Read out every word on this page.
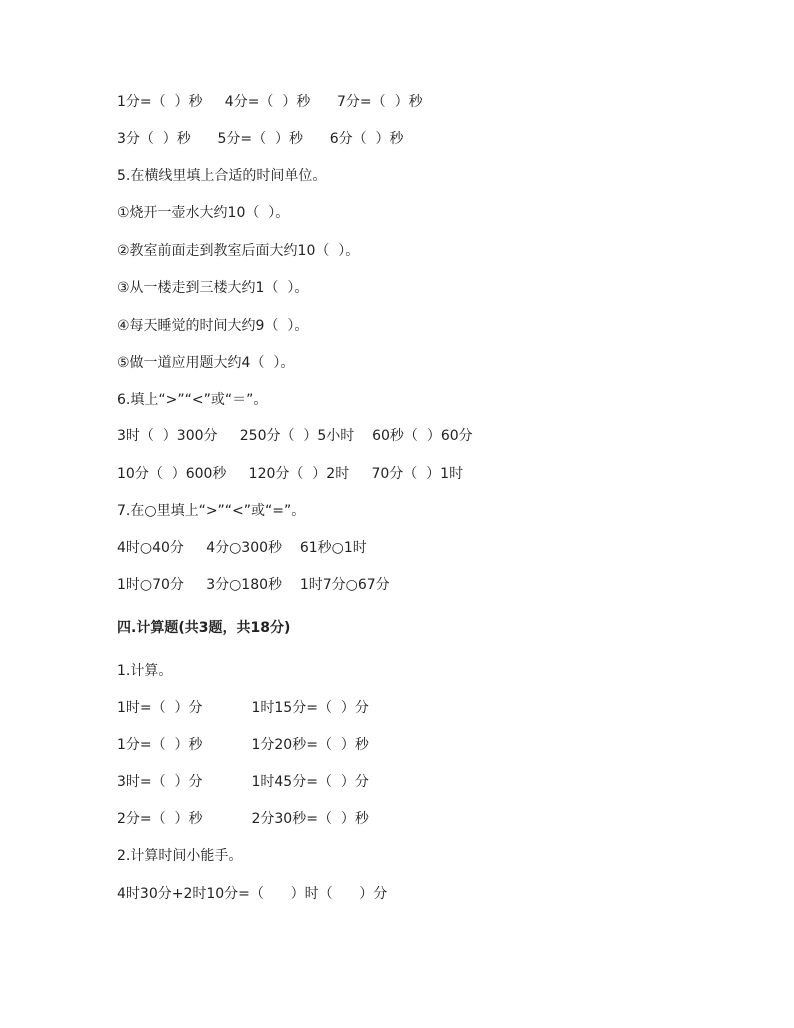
1分=（  ）秒     4分=（  ）秒      7分=（  ）秒
3分（  ）秒      5分=（  ）秒      6分（  ）秒
5.在横线里填上合适的时间单位。
①烧开一壶水大约10（  ）。
②教室前面走到教室后面大约10（  ）。
③从一楼走到三楼大约1（  ）。
④每天睡觉的时间大约9（  ）。
⑤做一道应用题大约4（  ）。
6.填上“>”“<”或“＝”。
3时（  ）300分     250分（  ）5小时    60秒（  ）60分
10分（  ）600秒     120分（  ）2时     70分（  ）1时
7.在○里填上“>”“<”或“=”。
4时○40分     4分○300秒    61秒○1时
1时○70分     3分○180秒    1时7分○67分
四.计算题(共3题，共18分)
1.计算。
1时=（  ）分           1时15分=（  ）分
1分=（  ）秒           1分20秒=（  ）秒
3时=（  ）分           1时45分=（  ）分
2分=（  ）秒           2分30秒=（  ）秒
2.计算时间小能手。
4时30分+2时10分=（      ）时（      ）分
